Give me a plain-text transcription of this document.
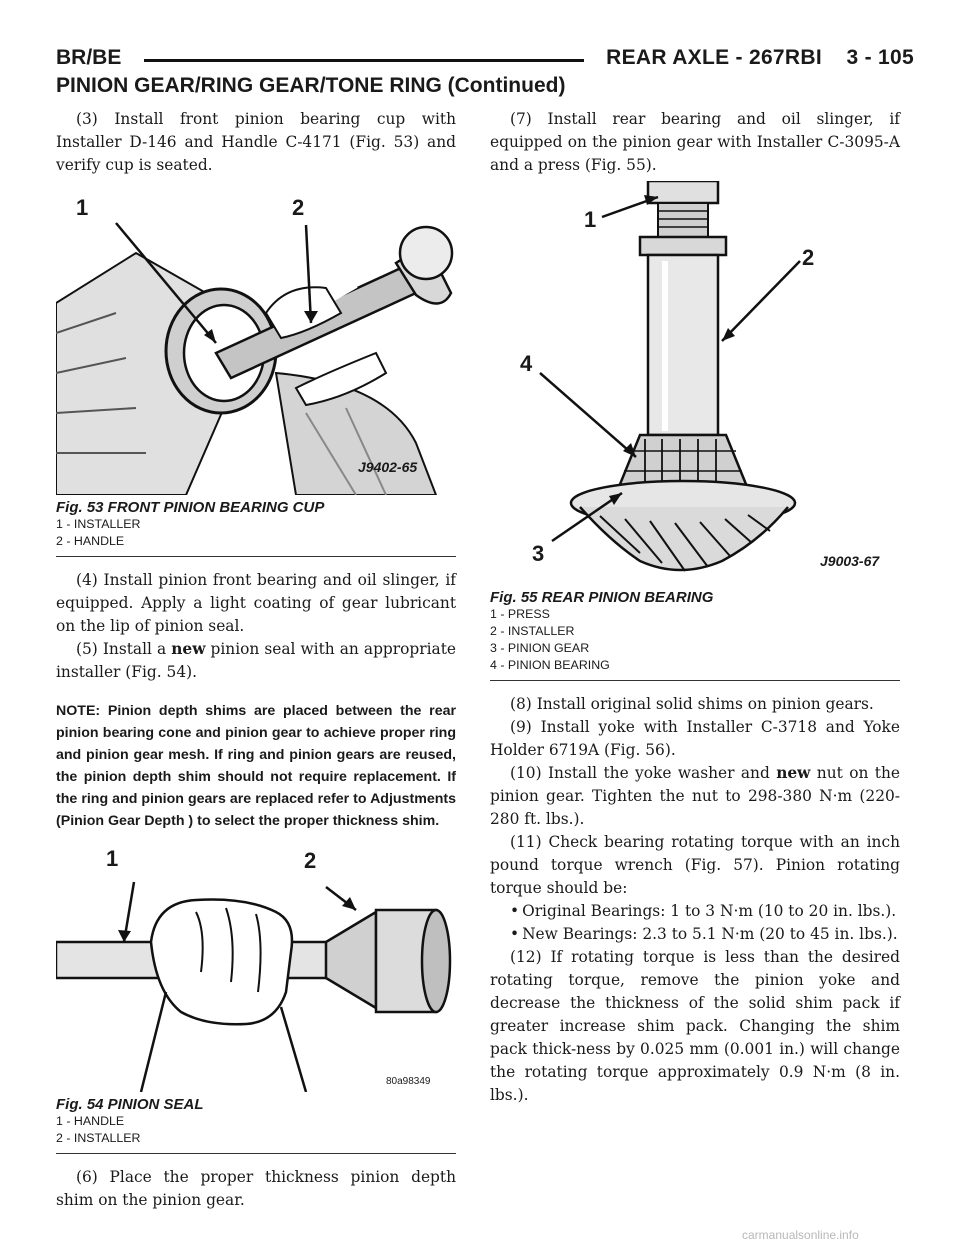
BR/BE	REAR AXLE - 267RBI    3 - 105
PINION GEAR/RING GEAR/TONE RING (Continued)

(3) Install front pinion bearing cup with Installer D-146 and Handle C-4171 (Fig. 53) and verify cup is seated.

1	2
J9402-65
Fig. 53 FRONT PINION BEARING CUP
1 - INSTALLER
2 - HANDLE

(4) Install pinion front bearing and oil slinger, if equipped. Apply a light coating of gear lubricant on the lip of pinion seal.

(5) Install a new pinion seal with an appropriate installer (Fig. 54).

NOTE: Pinion depth shims are placed between the rear pinion bearing cone and pinion gear to achieve proper ring and pinion gear mesh. If ring and pinion gears are reused, the pinion depth shim should not require replacement. If the ring and pinion gears are replaced refer to Adjustments (Pinion Gear Depth ) to select the proper thickness shim.

1	2
80a98349
Fig. 54 PINION SEAL
1 - HANDLE
2 - INSTALLER

(6) Place the proper thickness pinion depth shim on the pinion gear.

(7) Install rear bearing and oil slinger, if equipped on the pinion gear with Installer C-3095-A and a press (Fig. 55).

1
2
3
4
J9003-67
Fig. 55 REAR PINION BEARING
1 - PRESS
2 - INSTALLER
3 - PINION GEAR
4 - PINION BEARING

(8) Install original solid shims on pinion gears.

(9) Install yoke with Installer C-3718 and Yoke Holder 6719A (Fig. 56).

(10) Install the yoke washer and new nut on the pinion gear. Tighten the nut to 298-380 N·m (220-280 ft. lbs.).

(11) Check bearing rotating torque with an inch pound torque wrench (Fig. 57). Pinion rotating torque should be:

• Original Bearings: 1 to 3 N·m (10 to 20 in. lbs.).
• New Bearings: 2.3 to 5.1 N·m (20 to 45 in. lbs.).

(12) If rotating torque is less than the desired rotating torque, remove the pinion yoke and decrease the thickness of the solid shim pack if greater increase shim pack. Changing the shim pack thick-ness by 0.025 mm (0.001 in.) will change the rotating torque approximately 0.9 N·m (8 in. lbs.).

carmanualsonline.info
